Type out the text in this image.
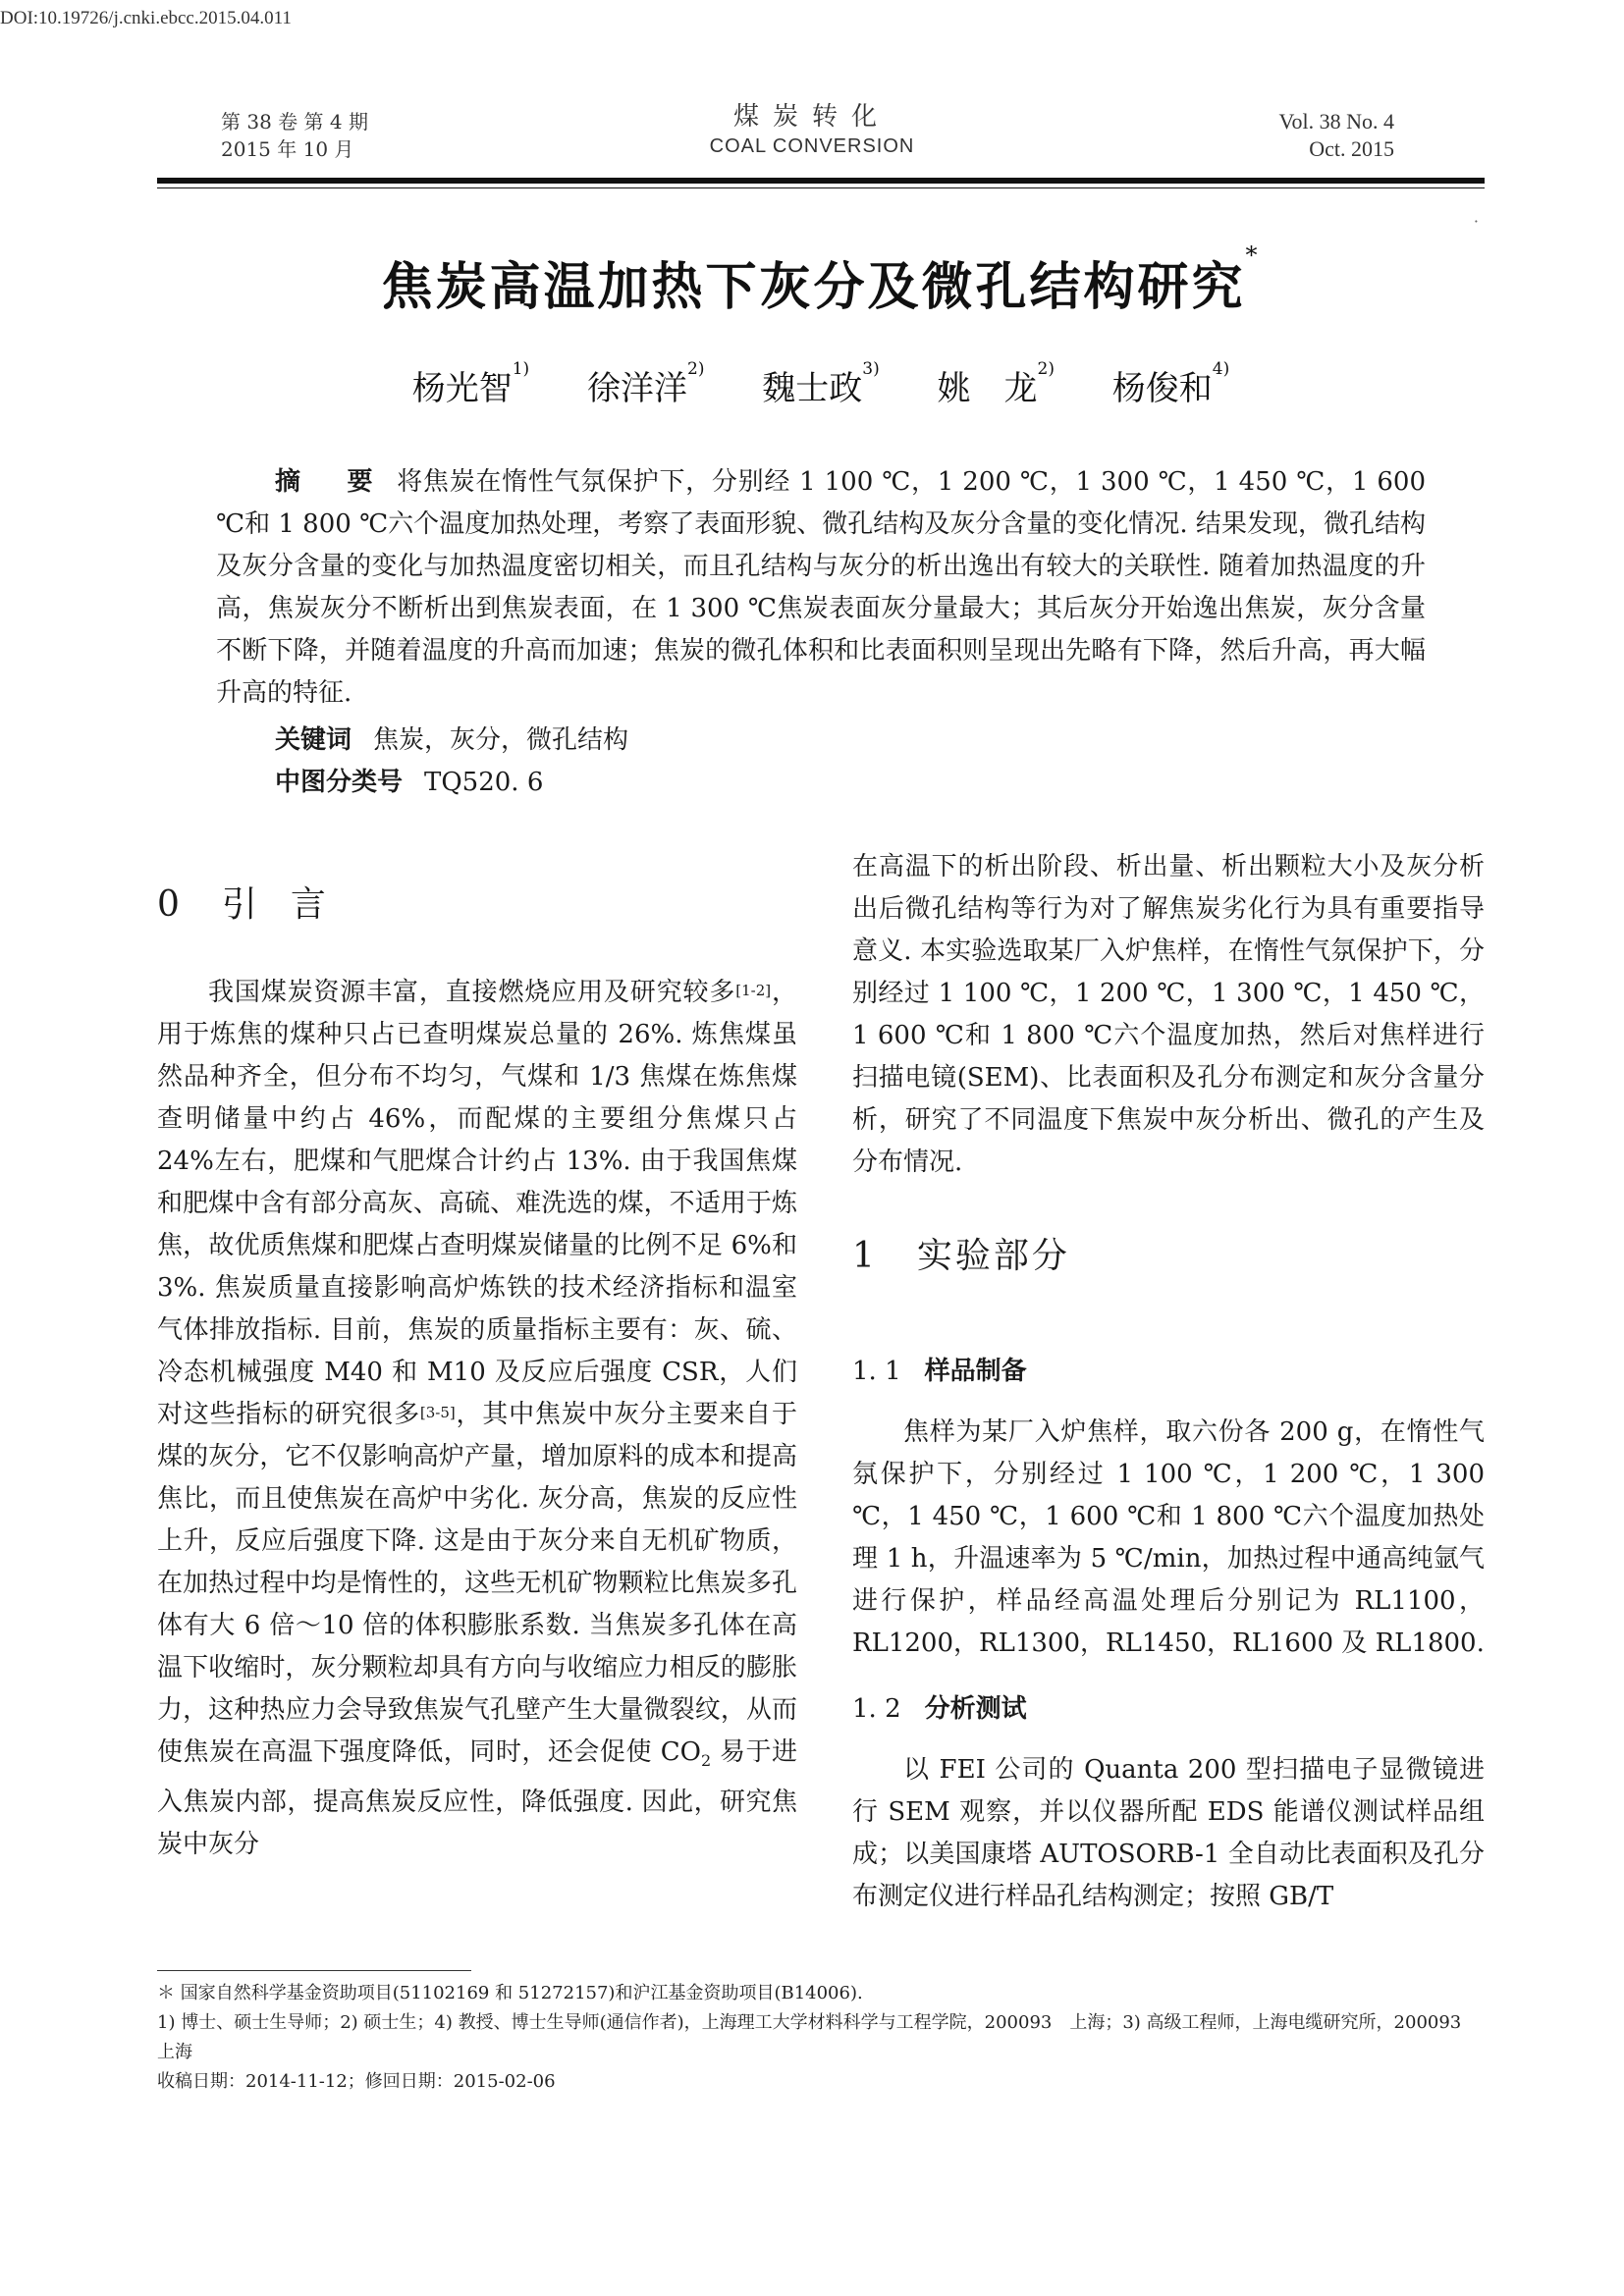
DOI:10.19726/j.cnki.ebcc.2015.04.011
第 38 卷 第 4 期
2015 年 10 月
煤炭转化
COAL CONVERSION
Vol. 38 No. 4
Oct. 2015
·
焦炭高温加热下灰分及微孔结构研究*
杨光智$^{1)}$ 徐洋洋$^{2)}$ 魏士政$^{3)}$ 姚　龙$^{2)}$ 杨俊和$^{4)}$
摘　要 将焦炭在惰性气氛保护下，分别经 1 100 ℃，1 200 ℃，1 300 ℃，1 450 ℃，1 600 ℃和 1 800 ℃六个温度加热处理，考察了表面形貌、微孔结构及灰分含量的变化情况. 结果发现，微孔结构及灰分含量的变化与加热温度密切相关，而且孔结构与灰分的析出逸出有较大的关联性. 随着加热温度的升高，焦炭灰分不断析出到焦炭表面，在 1 300 ℃焦炭表面灰分量最大；其后灰分开始逸出焦炭，灰分含量不断下降，并随着温度的升高而加速；焦炭的微孔体积和比表面积则呈现出先略有下降，然后升高，再大幅升高的特征.
关键词 焦炭，灰分，微孔结构
中图分类号 TQ520. 6
0 引言

我国煤炭资源丰富，直接燃烧应用及研究较多[1-2]，用于炼焦的煤种只占已查明煤炭总量的 26%. 炼焦煤虽然品种齐全，但分布不均匀，气煤和 1/3 焦煤在炼焦煤查明储量中约占 46%，而配煤的主要组分焦煤只占 24%左右，肥煤和气肥煤合计约占 13%. 由于我国焦煤和肥煤中含有部分高灰、高硫、难洗选的煤，不适用于炼焦，故优质焦煤和肥煤占查明煤炭储量的比例不足 6%和 3%. 焦炭质量直接影响高炉炼铁的技术经济指标和温室气体排放指标. 目前，焦炭的质量指标主要有：灰、硫、冷态机械强度 M40 和 M10 及反应后强度 CSR，人们对这些指标的研究很多[3-5]，其中焦炭中灰分主要来自于煤的灰分，它不仅影响高炉产量，增加原料的成本和提高焦比，而且使焦炭在高炉中劣化. 灰分高，焦炭的反应性上升，反应后强度下降. 这是由于灰分来自无机矿物质，在加热过程中均是惰性的，这些无机矿物颗粒比焦炭多孔体有大 6 倍～10 倍的体积膨胀系数. 当焦炭多孔体在高温下收缩时，灰分颗粒却具有方向与收缩应力相反的膨胀力，这种热应力会导致焦炭气孔壁产生大量微裂纹，从而使焦炭在高温下强度降低，同时，还会促使 $CO_2$ 易于进入焦炭内部，提高焦炭反应性，降低强度. 因此，研究焦炭中灰分

在高温下的析出阶段、析出量、析出颗粒大小及灰分析出后微孔结构等行为对了解焦炭劣化行为具有重要指导意义. 本实验选取某厂入炉焦样，在惰性气氛保护下，分别经过 1 100 ℃，1 200 ℃，1 300 ℃，1 450 ℃，1 600 ℃和 1 800 ℃六个温度加热，然后对焦样进行扫描电镜(SEM)、比表面积及孔分布测定和灰分含量分析，研究了不同温度下焦炭中灰分析出、微孔的产生及分布情况.

1 实验部分
1. 1 样品制备

焦样为某厂入炉焦样，取六份各 200 g，在惰性气氛保护下，分别经过 1 100 ℃，1 200 ℃，1 300 ℃，1 450 ℃，1 600 ℃和 1 800 ℃六个温度加热处理 1 h，升温速率为 5 ℃/min，加热过程中通高纯氩气进行保护，样品经高温处理后分别记为 RL1100，RL1200，RL1300，RL1450，RL1600 及 RL1800.

1. 2 分析测试

以 FEI 公司的 Quanta 200 型扫描电子显微镜进行 SEM 观察，并以仪器所配 EDS 能谱仪测试样品组成；以美国康塔 AUTOSORB-1 全自动比表面积及孔分布测定仪进行样品孔结构测定；按照 GB/T

＊ 国家自然科学基金资助项目(51102169 和 51272157)和沪江基金资助项目(B14006).
1) 博士、硕士生导师；2) 硕士生；4) 教授、博士生导师(通信作者)，上海理工大学材料科学与工程学院，200093　上海；3) 高级工程师，上海电缆研究所，200093　上海
收稿日期：2014-11-12；修回日期：2015-02-06
